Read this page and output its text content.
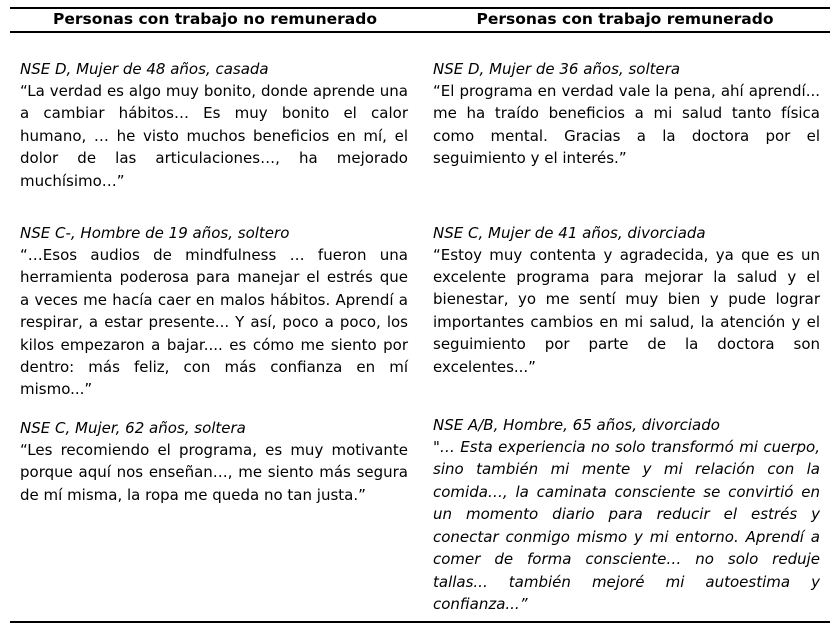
Personas con trabajo no remunerado	Personas con trabajo remunerado

NSE D, Mujer de 48 años, casada

“La verdad es algo muy bonito, donde aprende una a cambiar hábitos… Es muy bonito el calor humano, … he visto muchos beneficios en mí, el dolor de las articulaciones…, ha mejorado muchísimo…”

NSE C-, Hombre de 19 años, soltero

“…Esos audios de mindfulness … fueron una herramienta poderosa para manejar el estrés que a veces me hacía caer en malos hábitos. Aprendí a respirar, a estar presente... Y así, poco a poco, los kilos empezaron a bajar.... es cómo me siento por dentro: más feliz, con más confianza en mí mismo...”

NSE C, Mujer, 62 años, soltera

“Les recomiendo el programa, es muy motivante porque aquí nos enseñan…, me siento más segura de mí misma, la ropa me queda no tan justa.”

NSE D, Mujer de 36 años, soltera

“El programa en verdad vale la pena, ahí aprendí... me ha traído beneficios a mi salud tanto física como mental. Gracias a la doctora por el seguimiento y el interés.”

NSE C, Mujer de 41 años, divorciada

“Estoy muy contenta y agradecida, ya que es un excelente programa para mejorar la salud y el bienestar, yo me sentí muy bien y pude lograr importantes cambios en mi salud, la atención y el seguimiento por parte de la doctora son excelentes...”

NSE A/B, Hombre, 65 años, divorciado

"… Esta experiencia no solo transformó mi cuerpo, sino también mi mente y mi relación con la comida…, la caminata consciente se convirtió en un momento diario para reducir el estrés y conectar conmigo mismo y mi entorno. Aprendí a comer de forma consciente… no solo reduje tallas... también mejoré mi autoestima y confianza...”
